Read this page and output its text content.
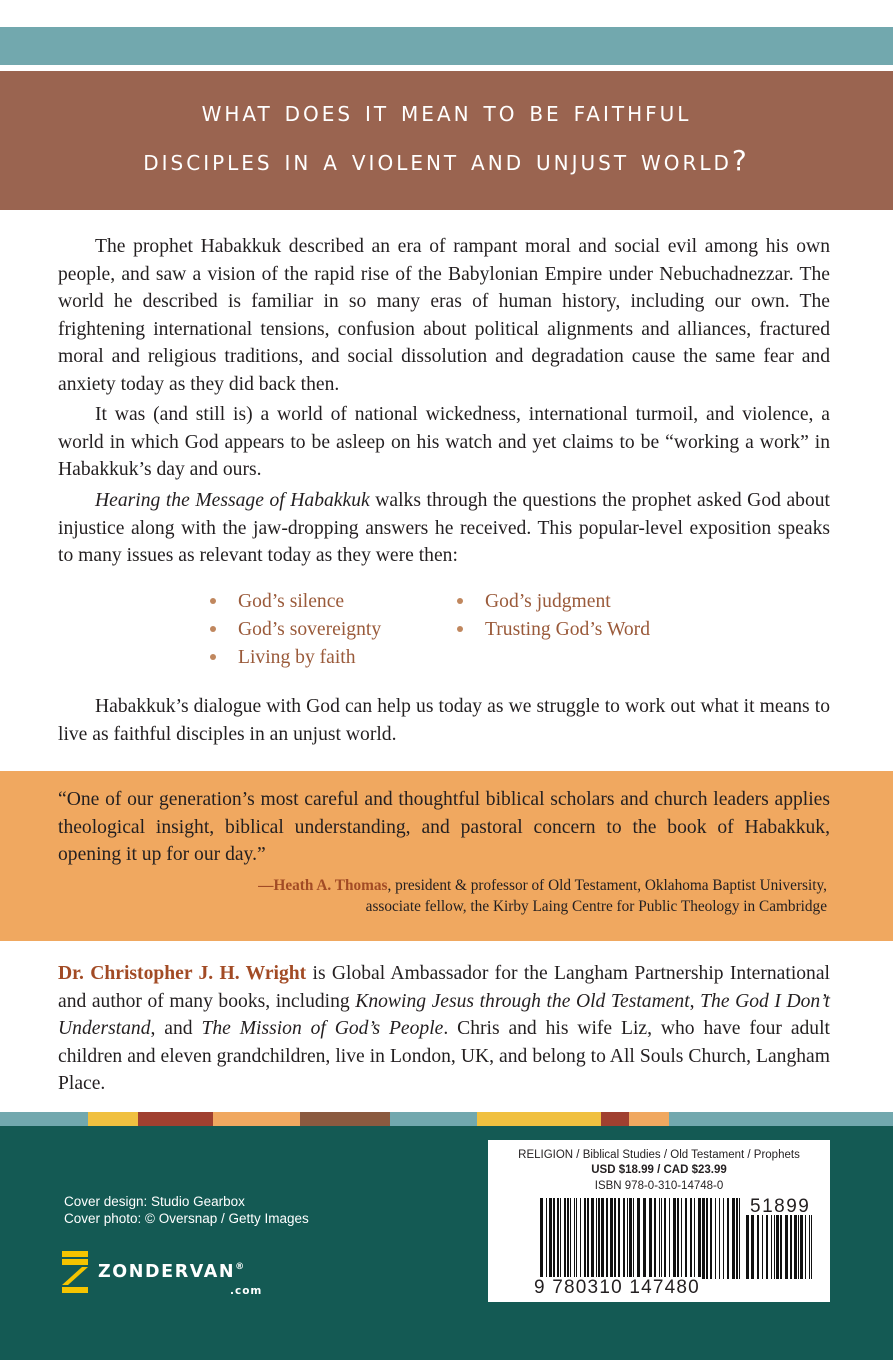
what does it mean to be faithful
disciples in a violent and unjust world?

The prophet Habakkuk described an era of rampant moral and social evil among his own people, and saw a vision of the rapid rise of the Babylonian Empire under Nebuchadnezzar. The world he described is familiar in so many eras of human history, including our own. The frightening international tensions, confusion about political alignments and alliances, fractured moral and religious traditions, and social dissolution and degradation cause the same fear and anxiety today as they did back then.

It was (and still is) a world of national wickedness, international turmoil, and violence, a world in which God appears to be asleep on his watch and yet claims to be “working a work” in Habakkuk’s day and ours.

Hearing the Message of Habakkuk walks through the questions the prophet asked God about injustice along with the jaw-dropping answers he received. This popular-level exposition speaks to many issues as relevant today as they were then:

God’s silence
God’s sovereignty
Living by faith
God’s judgment
Trusting God’s Word

Habakkuk’s dialogue with God can help us today as we struggle to work out what it means to live as faithful disciples in an unjust world.

“One of our generation’s most careful and thoughtful biblical scholars and church leaders applies theological insight, biblical understanding, and pastoral concern to the book of Habakkuk, opening it up for our day.”

—Heath A. Thomas, president & professor of Old Testament, Oklahoma Baptist University,
associate fellow, the Kirby Laing Centre for Public Theology in Cambridge

Dr. Christopher J. H. Wright is Global Ambassador for the Langham Partnership International and author of many books, including Knowing Jesus through the Old Testament, The God I Don’t Understand, and The Mission of God’s People. Chris and his wife Liz, who have four adult children and eleven grandchildren, live in London, UK, and belong to All Souls Church, Langham Place.

Cover design: Studio Gearbox
Cover photo: © Oversnap / Getty Images
ZONDERVAN®
.com
RELIGION / Biblical Studies / Old Testament / Prophets
USD $18.99 / CAD $23.99
ISBN 978-0-310-14748-0
51899
9 780310 147480
